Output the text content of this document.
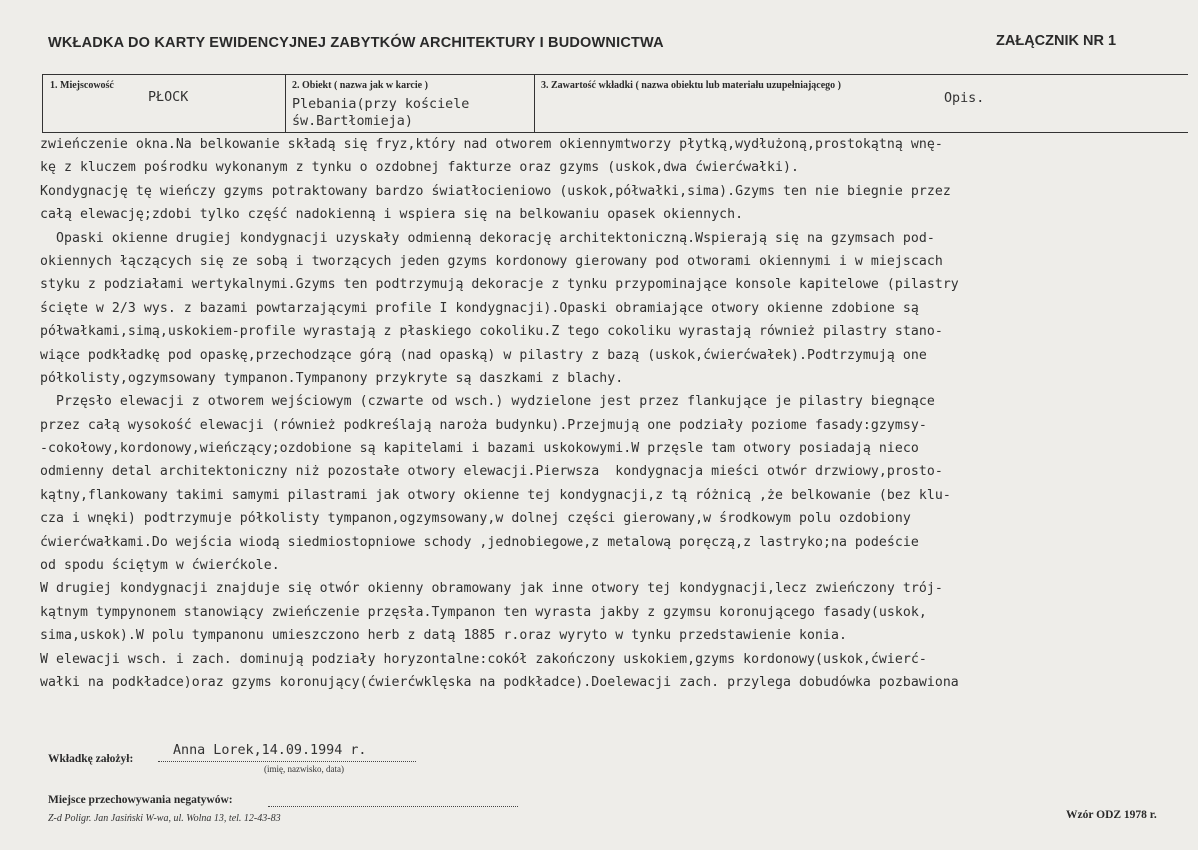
WKŁADKA DO KARTY EWIDENCYJNEJ ZABYTKÓW ARCHITEKTURY I BUDOWNICTWA	ZAŁĄCZNIK NR 1
1. Miejscowość
PŁOCK
2. Obiekt ( nazwa jak w karcie )
Plebania(przy kościele
św.Bartłomieja)
3. Zawartość wkładki ( nazwa obiektu lub materiału uzupełniającego )
Opis.
zwieńczenie okna.Na belkowanie składą się fryz,który nad otworem okiennymtworzy płytką,wydłużoną,prostokątną wnę-
kę z kluczem pośrodku wykonanym z tynku o ozdobnej fakturze oraz gzyms (uskok,dwa ćwierćwałki).
Kondygnację tę wieńczy gzyms potraktowany bardzo światłocieniowo (uskok,półwałki,sima).Gzyms ten nie biegnie przez
całą elewację;zdobi tylko część nadokienną i wspiera się na belkowaniu opasek okiennych.
Opaski okienne drugiej kondygnacji uzyskały odmienną dekorację architektoniczną.Wspierają się na gzymsach pod-
okiennych łączących się ze sobą i tworzących jeden gzyms kordonowy gierowany pod otworami okiennymi i w miejscach
styku z podziałami wertykalnymi.Gzyms ten podtrzymują dekoracje z tynku przypominające konsole kapitelowe (pilastry
ścięte w 2/3 wys. z bazami powtarzającymi profile I kondygnacji).Opaski obramiające otwory okienne zdobione są
półwałkami,simą,uskokiem-profile wyrastają z płaskiego cokoliku.Z tego cokoliku wyrastają również pilastry stano-
wiące podkładkę pod opaskę,przechodzące górą (nad opaską) w pilastry z bazą (uskok,ćwierćwałek).Podtrzymują one
półkolisty,ogzymsowany tympanon.Tympanony przykryte są daszkami z blachy.
Przęsło elewacji z otworem wejściowym (czwarte od wsch.) wydzielone jest przez flankujące je pilastry biegnące
przez całą wysokość elewacji (również podkreślają naroża budynku).Przejmują one podziały poziome fasady:gzymsy-
-cokołowy,kordonowy,wieńczący;ozdobione są kapitelami i bazami uskokowymi.W przęsle tam otwory posiadają nieco
odmienny detal architektoniczny niż pozostałe otwory elewacji.Pierwsza  kondygnacja mieści otwór drzwiowy,prosto-
kątny,flankowany takimi samymi pilastrami jak otwory okienne tej kondygnacji,z tą różnicą ,że belkowanie (bez klu-
cza i wnęki) podtrzymuje półkolisty tympanon,ogzymsowany,w dolnej części gierowany,w środkowym polu ozdobiony
ćwierćwałkami.Do wejścia wiodą siedmiostopniowe schody ,jednobiegowe,z metalową poręczą,z lastryko;na podeście
od spodu ściętym w ćwierćkole.
W drugiej kondygnacji znajduje się otwór okienny obramowany jak inne otwory tej kondygnacji,lecz zwieńczony trój-
kątnym tympynonem stanowiący zwieńczenie przęsła.Tympanon ten wyrasta jakby z gzymsu koronującego fasady(uskok,
sima,uskok).W polu tympanonu umieszczono herb z datą 1885 r.oraz wyryto w tynku przedstawienie konia.
W elewacji wsch. i zach. dominują podziały horyzontalne:cokół zakończony uskokiem,gzyms kordonowy(uskok,ćwierć-
wałki na podkładce)oraz gzyms koronujący(ćwierćwklęska na podkładce).Doelewacji zach. przylega dobudówka pozbawiona
Wkładkę założył:
Anna Lorek,14.09.1994 r.
(imię, nazwisko, data)
Miejsce przechowywania negatywów:
Z-d Poligr. Jan Jasiński W-wa, ul. Wolna 13, tel. 12-43-83	Wzór ODZ 1978 r.
